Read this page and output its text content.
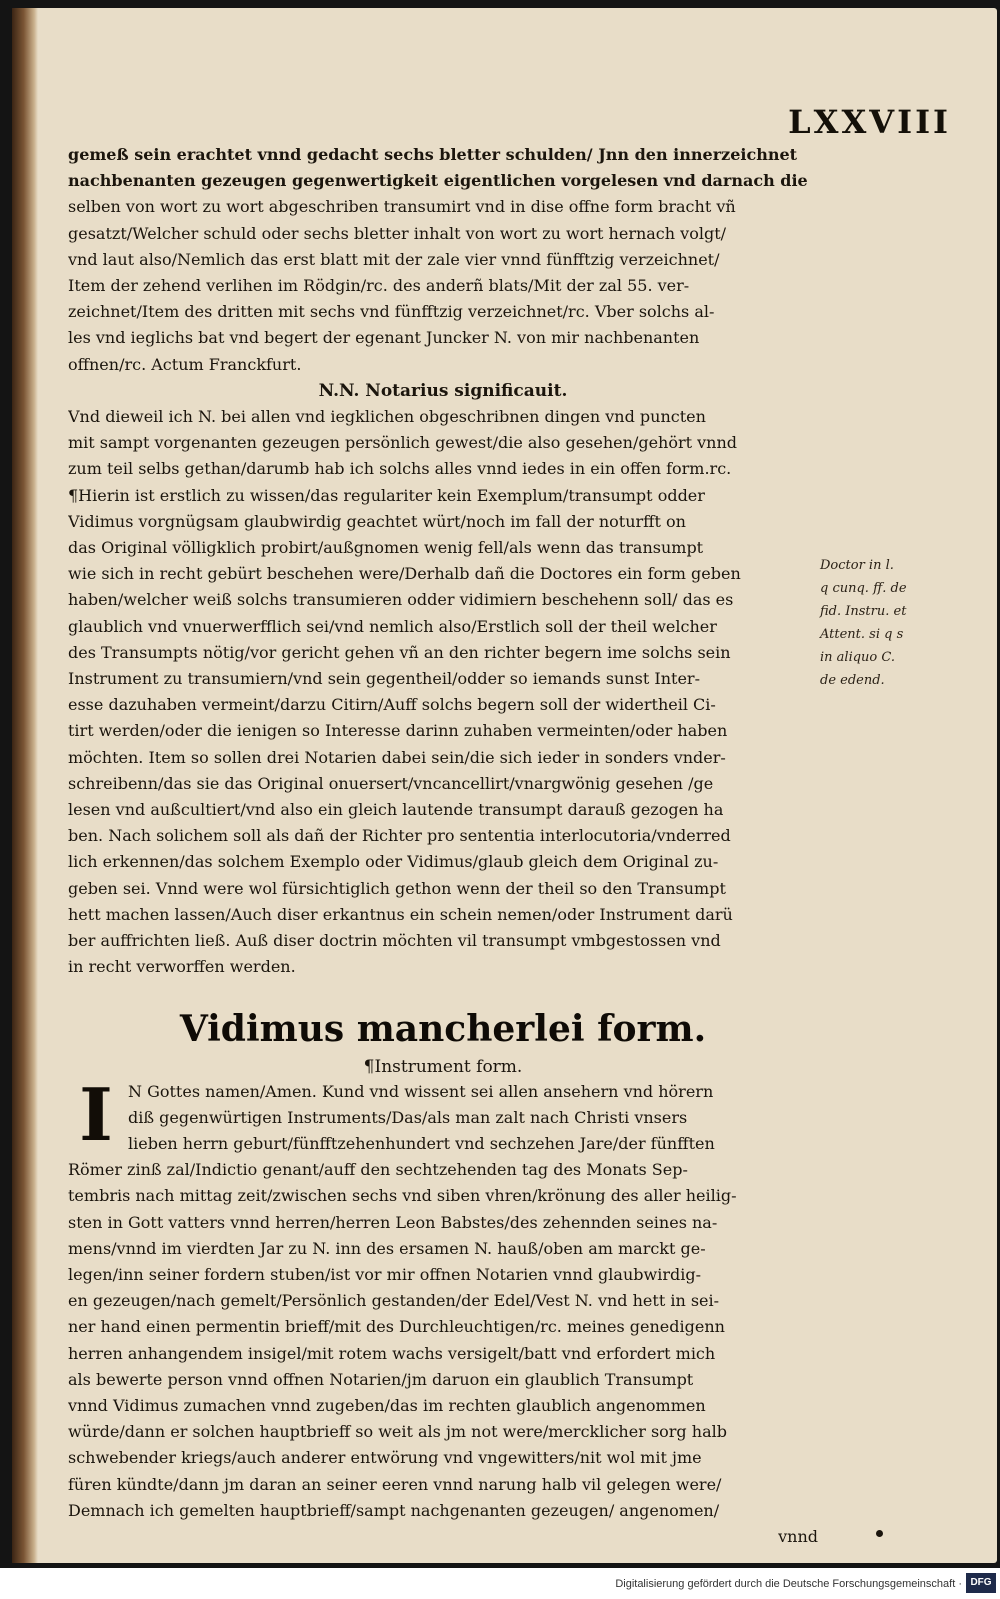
LXXVIII
gemeß sein erachtet vnnd gedacht sechs bletter schulden/ Jnn den innerzeichnet
nachbenanten gezeugen gegenwertigkeit eigentlichen vorgelesen vnd darnach die
selben von wort zu wort abgeschriben transumirt vnd in dise offne form bracht vñ
gesatzt/Welcher schuld oder sechs bletter inhalt von wort zu wort hernach volgt/
vnd laut also/Nemlich das erst blatt mit der zale vier vnnd fünfftzig verzeichnet/
Item der zehend verlihen im Rödgin/rc. des anderñ blats/Mit der zal 55. ver-
zeichnet/Item des dritten mit sechs vnd fünfftzig verzeichnet/rc. Vber solchs al-
les vnd ieglichs bat vnd begert der egenant Juncker N. von mir nachbenanten
offnen/rc. Actum Franckfurt.
N.N. Notarius significauit.
Vnd dieweil ich N. bei allen vnd iegklichen obgeschribnen dingen vnd puncten
mit sampt vorgenanten gezeugen persönlich gewest/die also gesehen/gehört vnnd
zum teil selbs gethan/darumb hab ich solchs alles vnnd iedes in ein offen form.rc.
¶Hierin ist erstlich zu wissen/das regulariter kein Exemplum/transumpt odder
Vidimus vorgnügsam glaubwirdig geachtet würt/noch im fall der noturfft on
das Original völligklich probirt/außgnomen wenig fell/als wenn das transumpt
wie sich in recht gebürt beschehen were/Derhalb dañ die Doctores ein form geben
haben/welcher weiß solchs transumieren odder vidimiern beschehenn soll/ das es
glaublich vnd vnuerwerfflich sei/vnd nemlich also/Erstlich soll der theil welcher
des Transumpts nötig/vor gericht gehen vñ an den richter begern ime solchs sein
Instrument zu transumiern/vnd sein gegentheil/odder so iemands sunst Inter-
esse dazuhaben vermeint/darzu Citirn/Auff solchs begern soll der widertheil Ci-
tirt werden/oder die ienigen so Interesse darinn zuhaben vermeinten/oder haben
möchten. Item so sollen drei Notarien dabei sein/die sich ieder in sonders vnder-
schreibenn/das sie das Original onuersert/vncancellirt/vnargwönig gesehen /ge
lesen vnd außcultiert/vnd also ein gleich lautende transumpt darauß gezogen ha
ben. Nach solichem soll als dañ der Richter pro sententia interlocutoria/vnderred
lich erkennen/das solchem Exemplo oder Vidimus/glaub gleich dem Original zu-
geben sei. Vnnd were wol fürsichtiglich gethon wenn der theil so den Transumpt
hett machen lassen/Auch diser erkantnus ein schein nemen/oder Instrument darü
ber auffrichten ließ. Auß diser doctrin möchten vil transumpt vmbgestossen vnd
in recht verworffen werden.
Vidimus mancherlei form.
¶Instrument form.
I N Gottes namen/Amen. Kund vnd wissent sei allen ansehern vnd hörern
diß gegenwürtigen Instruments/Das/als man zalt nach Christi vnsers
lieben herrn geburt/fünfftzehenhundert vnd sechzehen Jare/der fünfften
Römer zinß zal/Indictio genant/auff den sechtzehenden tag des Monats Sep-
tembris nach mittag zeit/zwischen sechs vnd siben vhren/krönung des aller heilig-
sten in Gott vatters vnnd herren/herren Leon Babstes/des zehennden seines na-
mens/vnnd im vierdten Jar zu N. inn des ersamen N. hauß/oben am marckt ge-
legen/inn seiner fordern stuben/ist vor mir offnen Notarien vnnd glaubwirdig-
en gezeugen/nach gemelt/Persönlich gestanden/der Edel/Vest N. vnd hett in sei-
ner hand einen permentin brieff/mit des Durchleuchtigen/rc. meines genedigenn
herren anhangendem insigel/mit rotem wachs versigelt/batt vnd erfordert mich
als bewerte person vnnd offnen Notarien/jm daruon ein glaublich Transumpt
vnnd Vidimus zumachen vnnd zugeben/das im rechten glaublich angenommen
würde/dann er solchen hauptbrieff so weit als jm not were/mercklicher sorg halb
schwebender kriegs/auch anderer entwörung vnd vngewitters/nit wol mit jme
füren kündte/dann jm daran an seiner eeren vnnd narung halb vil gelegen were/
Demnach ich gemelten hauptbrieff/sampt nachgenanten gezeugen/ angenomen/
vnnd
Doctor in l.
q cunq. ff. de
fid. Instru. et
Attent. si q s
in aliquo C.
de edend.
Digitalisierung gefördert durch die Deutsche Forschungsgemeinschaft · DFG
